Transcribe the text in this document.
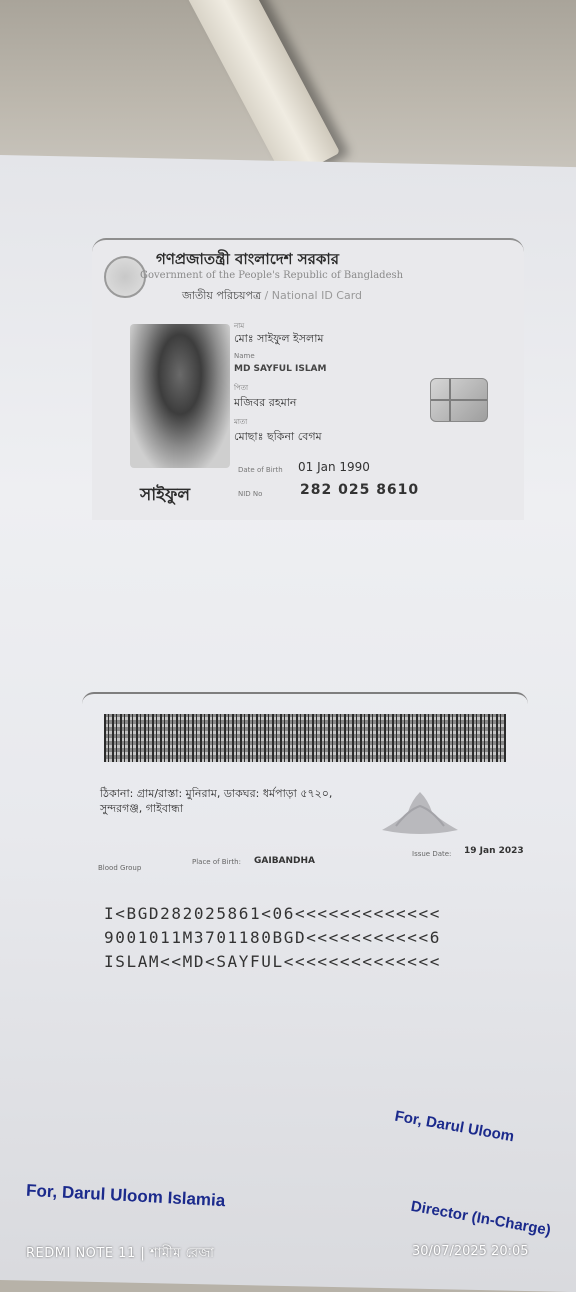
গণপ্রজাতন্ত্রী বাংলাদেশ সরকার
Government of the People's Republic of Bangladesh
জাতীয় পরিচয়পত্র / National ID Card
সাইফুল
নাম
মোঃ সাইফুল ইসলাম
Name
MD SAYFUL ISLAM
পিতা
মজিবর রহমান
মাতা
মোছাঃ ছকিনা বেগম
Date of Birth 01 Jan 1990
NID No	282 025 8610
ঠিকানা: গ্রাম/রাস্তা: মুনিরাম, ডাকঘর: ধর্মপাড়া ৫৭২০, সুন্দরগঞ্জ, গাইবান্ধা
Blood Group
Place of Birth: GAIBANDHA
Issue Date: 19 Jan 2023
I<BGD282025861<06<<<<<<<<<<<<<
9001011M3701180BGD<<<<<<<<<<<6
ISLAM<<MD<SAYFUL<<<<<<<<<<<<<<
For, Darul Uloom
For, Darul Uloom Islamia
Director (In-Charge)
REDMI NOTE 11 | শামীম রেজা	30/07/2025 20:05
